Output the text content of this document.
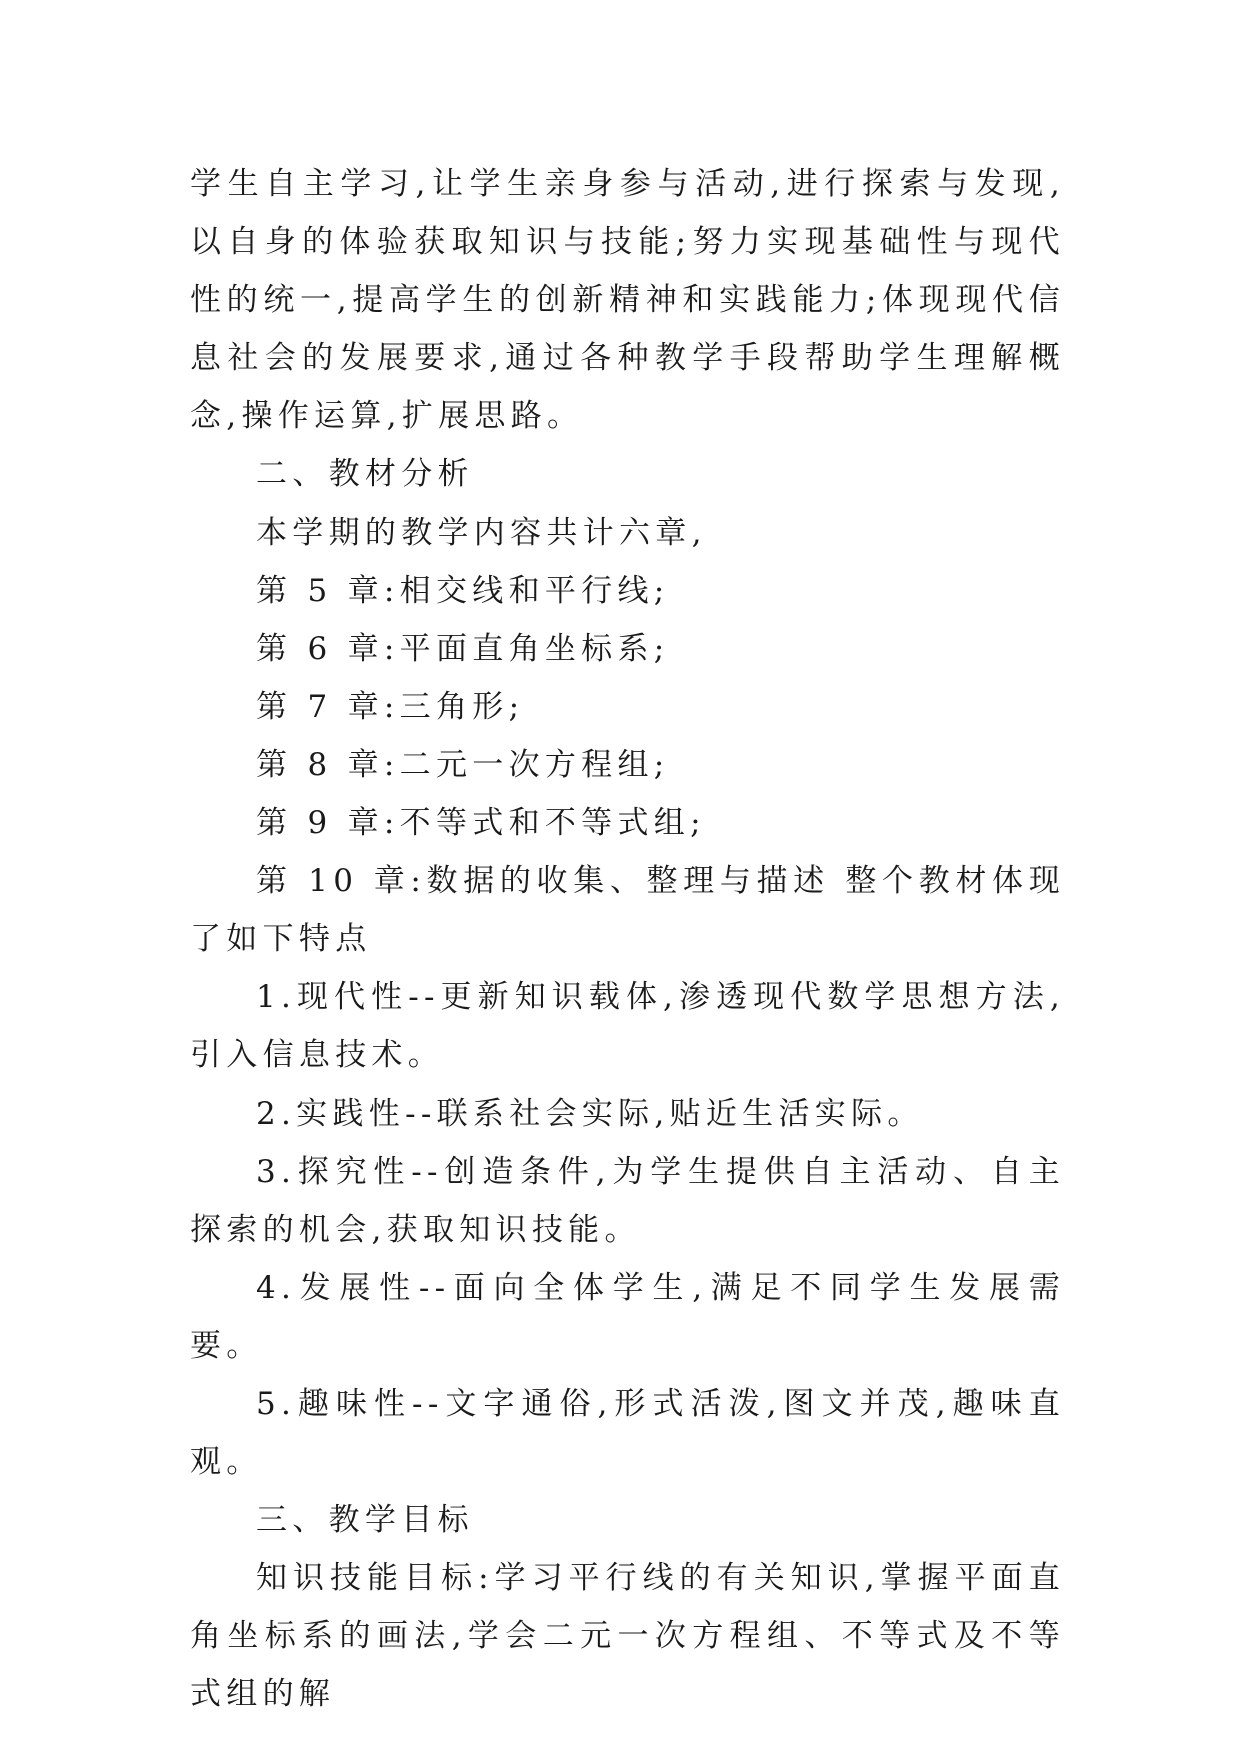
学生自主学习,让学生亲身参与活动,进行探索与发现,以自身的体验获取知识与技能;努力实现基础性与现代性的统一,提高学生的创新精神和实践能力;体现现代信息社会的发展要求,通过各种教学手段帮助学生理解概念,操作运算,扩展思路。

二、教材分析

本学期的教学内容共计六章,

第 5 章:相交线和平行线;

第 6 章:平面直角坐标系;

第 7 章:三角形;

第 8 章:二元一次方程组;

第 9 章:不等式和不等式组;

第 10 章:数据的收集、整理与描述 整个教材体现了如下特点

1.现代性--更新知识载体,渗透现代数学思想方法,引入信息技术。

2.实践性--联系社会实际,贴近生活实际。

3.探究性--创造条件,为学生提供自主活动、自主探索的机会,获取知识技能。

4.发展性--面向全体学生,满足不同学生发展需要。

5.趣味性--文字通俗,形式活泼,图文并茂,趣味直观。

三、教学目标

知识技能目标:学习平行线的有关知识,掌握平面直角坐标系的画法,学会二元一次方程组、不等式及不等式组的解
